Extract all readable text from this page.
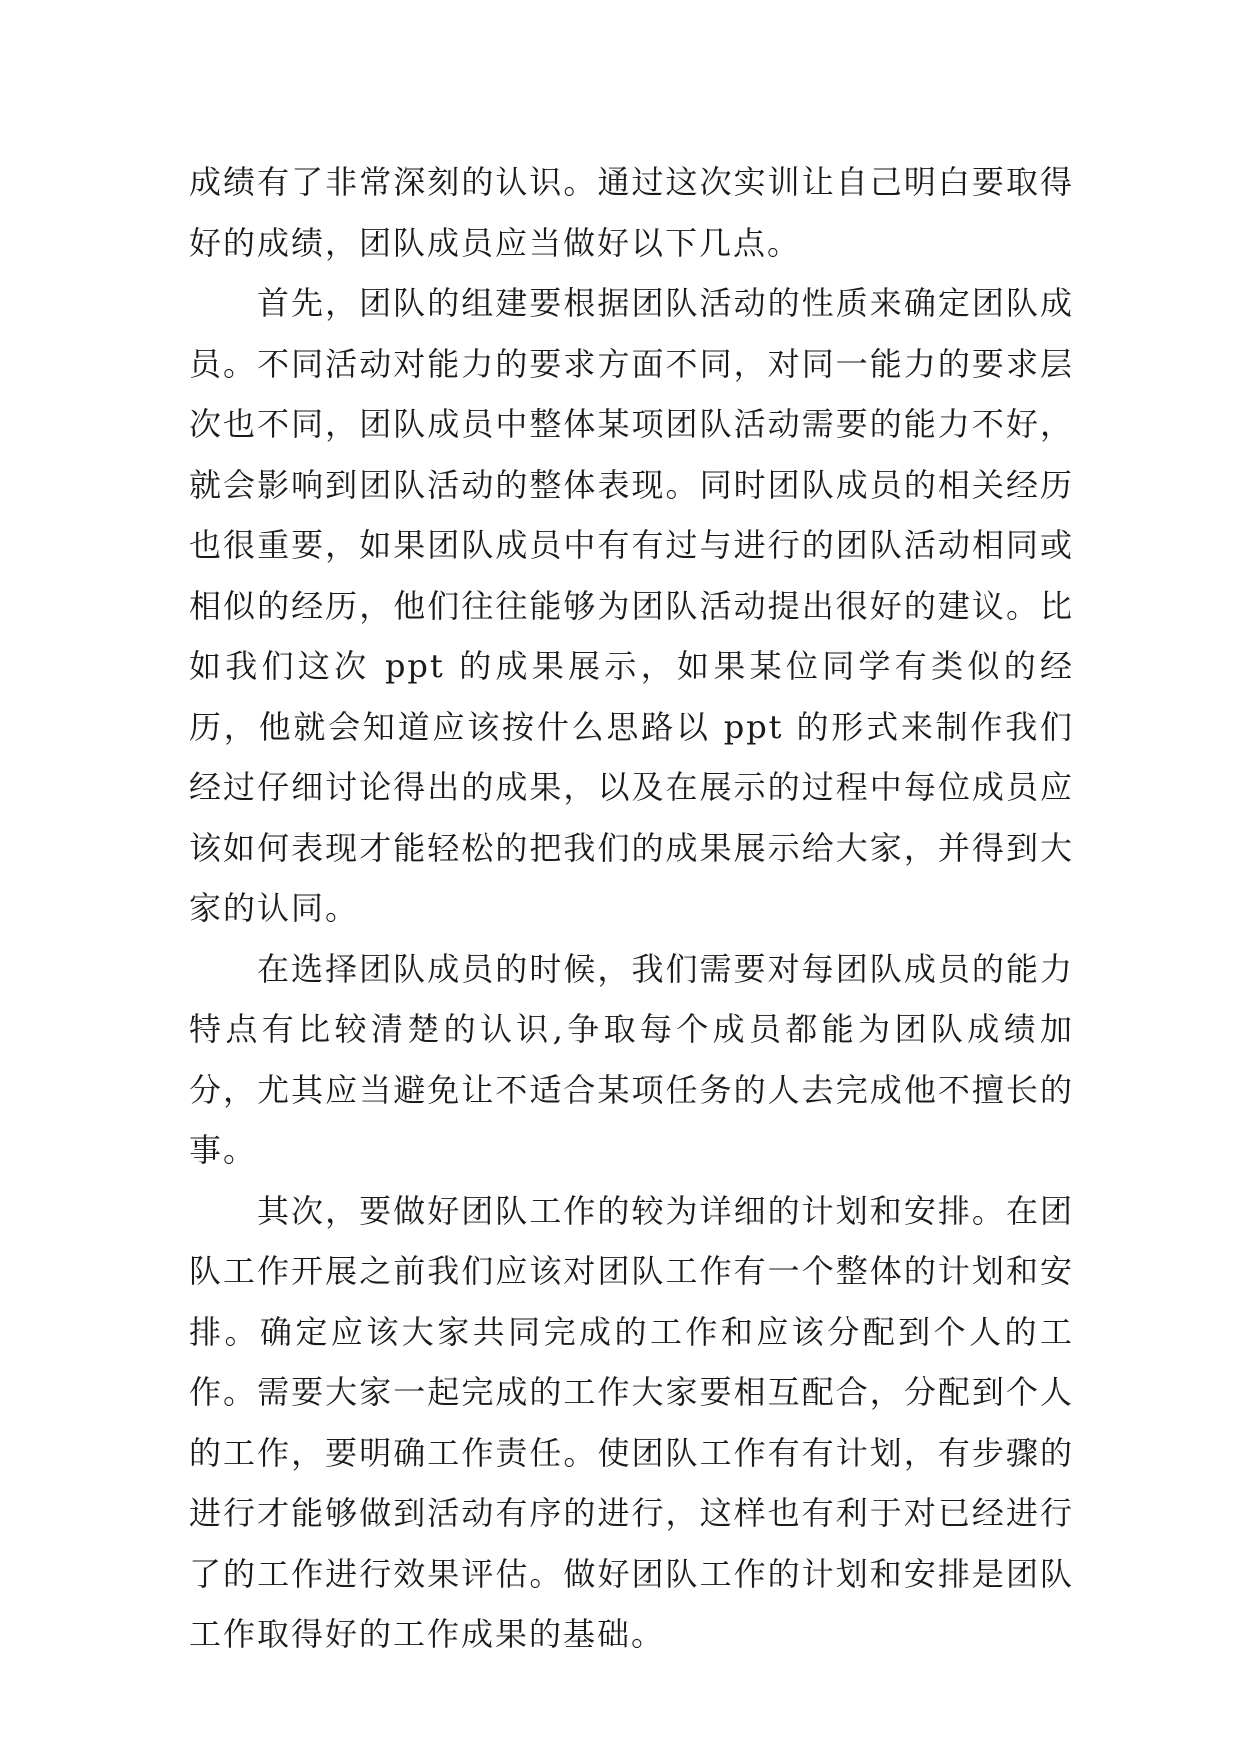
成绩有了非常深刻的认识。通过这次实训让自己明白要取得好的成绩，团队成员应当做好以下几点。

首先，团队的组建要根据团队活动的性质来确定团队成员。不同活动对能力的要求方面不同，对同一能力的要求层次也不同，团队成员中整体某项团队活动需要的能力不好，就会影响到团队活动的整体表现。同时团队成员的相关经历也很重要，如果团队成员中有有过与进行的团队活动相同或相似的经历，他们往往能够为团队活动提出很好的建议。比如我们这次 ppt 的成果展示，如果某位同学有类似的经历，他就会知道应该按什么思路以 ppt 的形式来制作我们经过仔细讨论得出的成果，以及在展示的过程中每位成员应该如何表现才能轻松的把我们的成果展示给大家，并得到大家的认同。

在选择团队成员的时候，我们需要对每团队成员的能力特点有比较清楚的认识,争取每个成员都能为团队成绩加分，尤其应当避免让不适合某项任务的人去完成他不擅长的事。

其次，要做好团队工作的较为详细的计划和安排。在团队工作开展之前我们应该对团队工作有一个整体的计划和安排。确定应该大家共同完成的工作和应该分配到个人的工作。需要大家一起完成的工作大家要相互配合，分配到个人的工作，要明确工作责任。使团队工作有有计划，有步骤的进行才能够做到活动有序的进行，这样也有利于对已经进行了的工作进行效果评估。做好团队工作的计划和安排是团队工作取得好的工作成果的基础。
